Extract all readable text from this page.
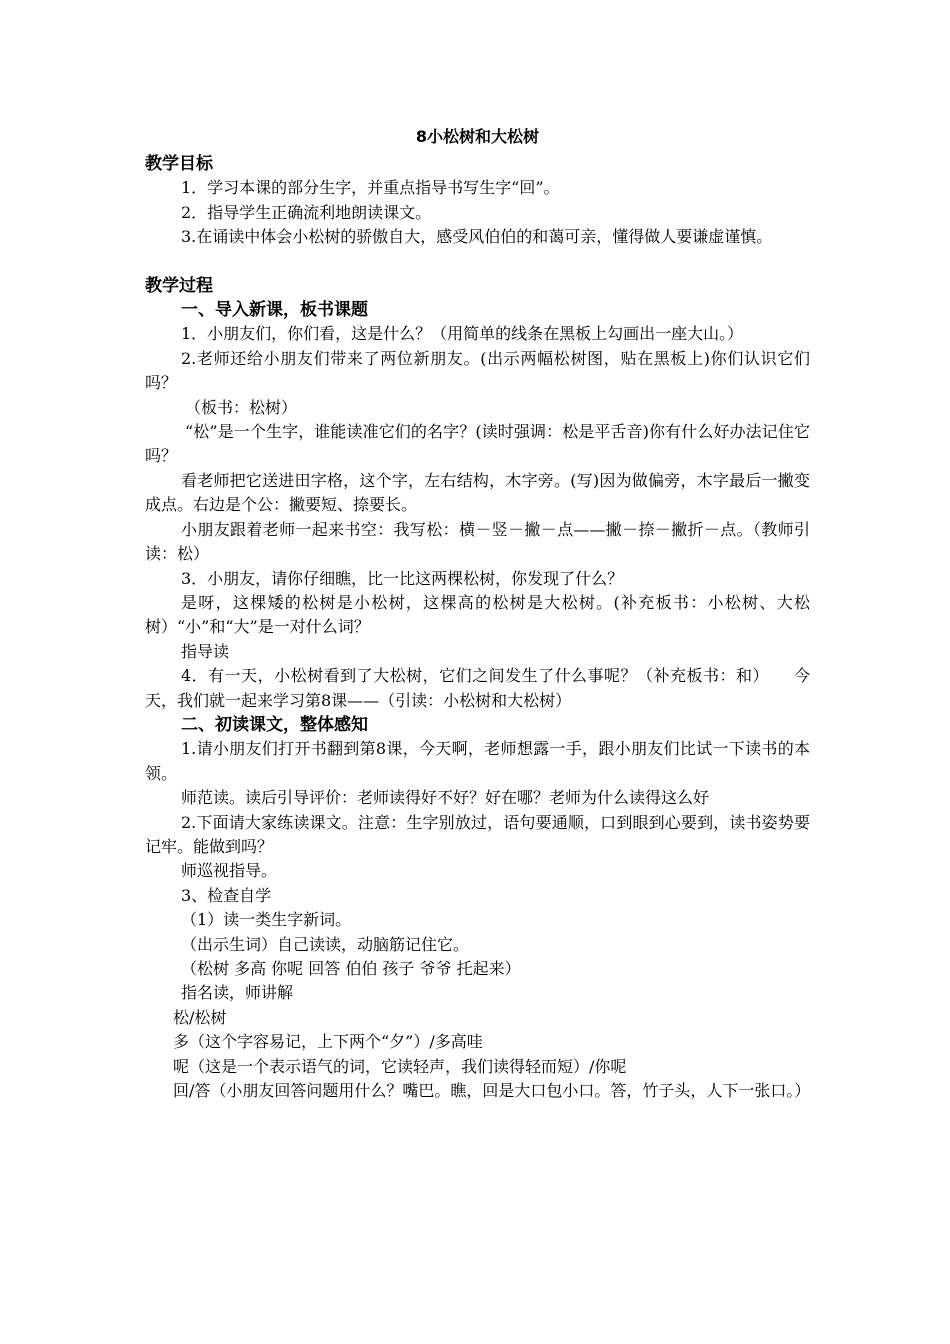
8小松树和大松树
教学目标
1．学习本课的部分生字，并重点指导书写生字“回”。
2．指导学生正确流利地朗读课文。
3.在诵读中体会小松树的骄傲自大，感受风伯伯的和蔼可亲，懂得做人要谦虚谨慎。
教学过程
一、导入新课，板书课题
1．小朋友们，你们看，这是什么？（用简单的线条在黑板上勾画出一座大山。）
2.老师还给小朋友们带来了两位新朋友。(出示两幅松树图，贴在黑板上)你们认识它们吗？
（板书：松树）
“松”是一个生字，谁能读准它们的名字？(读时强调：松是平舌音)你有什么好办法记住它吗？
看老师把它送进田字格，这个字，左右结构，木字旁。(写)因为做偏旁，木字最后一撇变成点。右边是个公：撇要短、捺要长。
小朋友跟着老师一起来书空：我写松：横－竖－撇－点——撇－捺－撇折－点。（教师引读：松）
3．小朋友，请你仔细瞧，比一比这两棵松树，你发现了什么？
是呀，这棵矮的松树是小松树，这棵高的松树是大松树。(补充板书：小松树、大松树）“小”和“大”是一对什么词？
指导读
4．有一天，小松树看到了大松树，它们之间发生了什么事呢？（补充板书：和）　　今天，我们就一起来学习第8课——（引读：小松树和大松树）
二、初读课文，整体感知
1.请小朋友们打开书翻到第8课，今天啊，老师想露一手，跟小朋友们比试一下读书的本领。
师范读。读后引导评价：老师读得好不好？好在哪？老师为什么读得这么好
2.下面请大家练读课文。注意：生字别放过，语句要通顺，口到眼到心要到，读书姿势要记牢。能做到吗？
师巡视指导。
3、检查自学
（1）读一类生字新词。
（出示生词）自己读读，动脑筋记住它。
（松树 多高 你呢 回答 伯伯 孩子 爷爷 托起来）
指名读，师讲解
松/松树
多（这个字容易记，上下两个“夕”）/多高哇
呢（这是一个表示语气的词，它读轻声，我们读得轻而短）/你呢
回/答（小朋友回答问题用什么？嘴巴。瞧，回是大口包小口。答，竹子头，人下一张口。）
